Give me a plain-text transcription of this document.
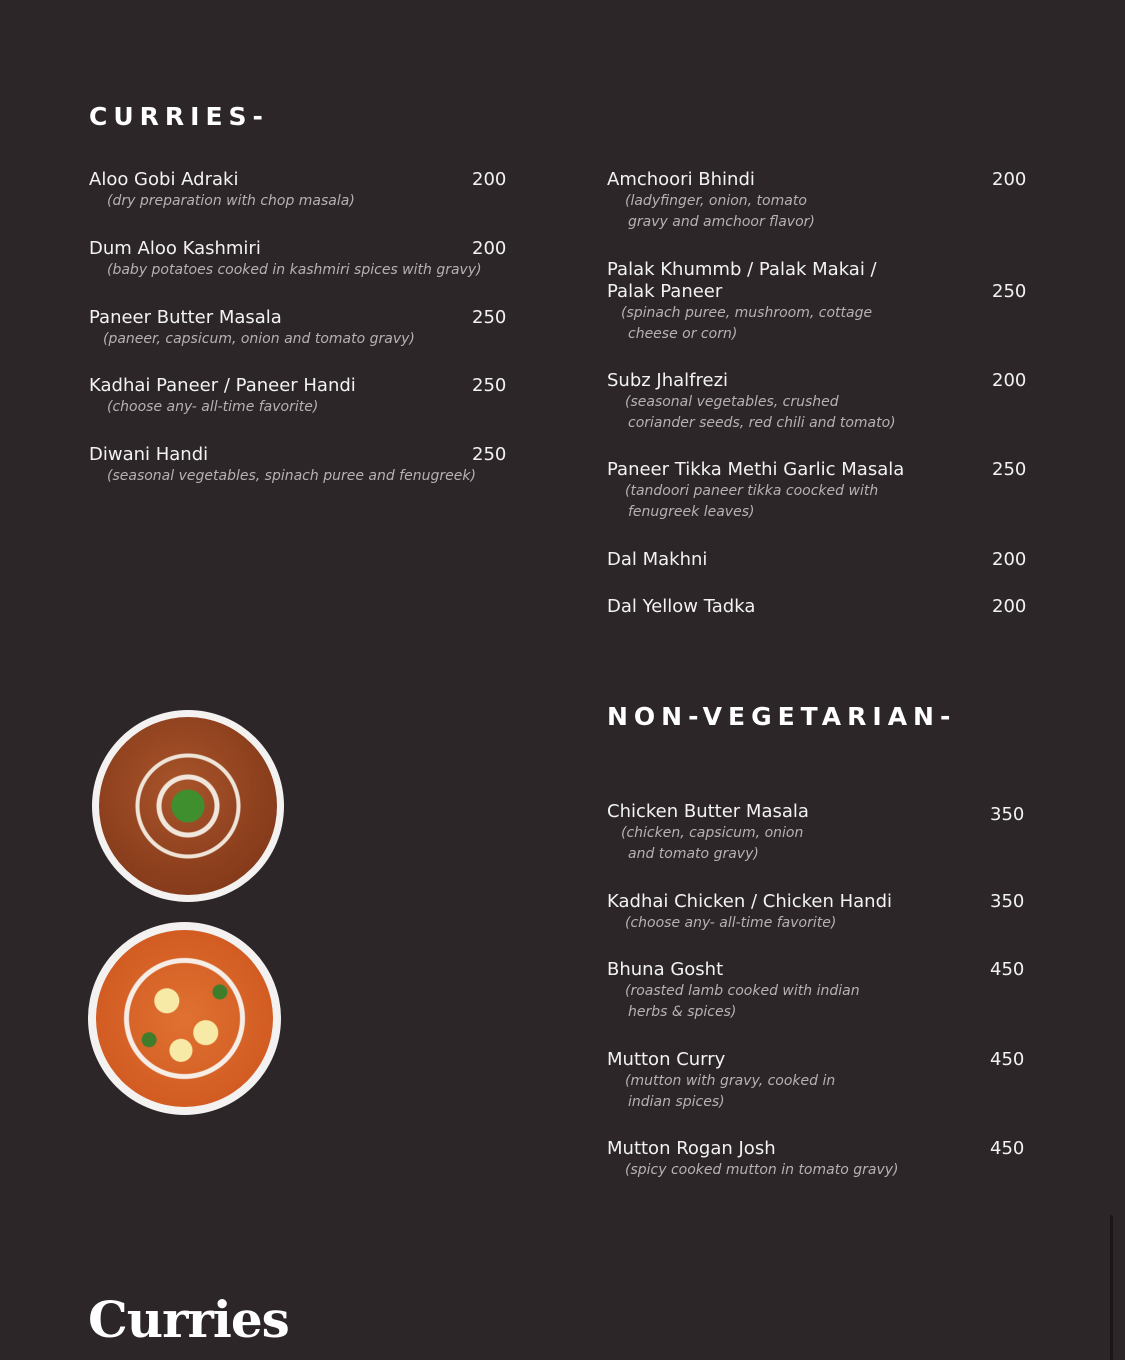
CURRIES-
Aloo Gobi Adraki	200
(dry preparation with chop masala)
Dum Aloo Kashmiri	200
(baby potatoes cooked in kashmiri spices with gravy)
Paneer Butter Masala	250
(paneer, capsicum, onion and tomato gravy)
Kadhai Paneer / Paneer Handi	250
(choose any- all-time favorite)
Diwani Handi	250
(seasonal vegetables, spinach puree and fenugreek)
Amchoori Bhindi	200
(ladyfinger, onion, tomato
gravy and amchoor flavor)
Palak Khummb / Palak Makai /
Palak Paneer	250
(spinach puree, mushroom, cottage
cheese or corn)
Subz Jhalfrezi	200
(seasonal vegetables, crushed
coriander seeds, red chili and tomato)
Paneer Tikka Methi Garlic Masala	250
(tandoori paneer tikka coocked with
fenugreek leaves)
Dal Makhni	200
Dal Yellow Tadka	200
NON-VEGETARIAN-
Chicken Butter Masala	350
(chicken, capsicum, onion
and tomato gravy)
Kadhai Chicken / Chicken Handi	350
(choose any- all-time favorite)
Bhuna Gosht	450
(roasted lamb cooked with indian
herbs & spices)
Mutton Curry	450
(mutton with gravy, cooked in
indian spices)
Mutton Rogan Josh	450
(spicy cooked mutton in tomato gravy)
Curries
